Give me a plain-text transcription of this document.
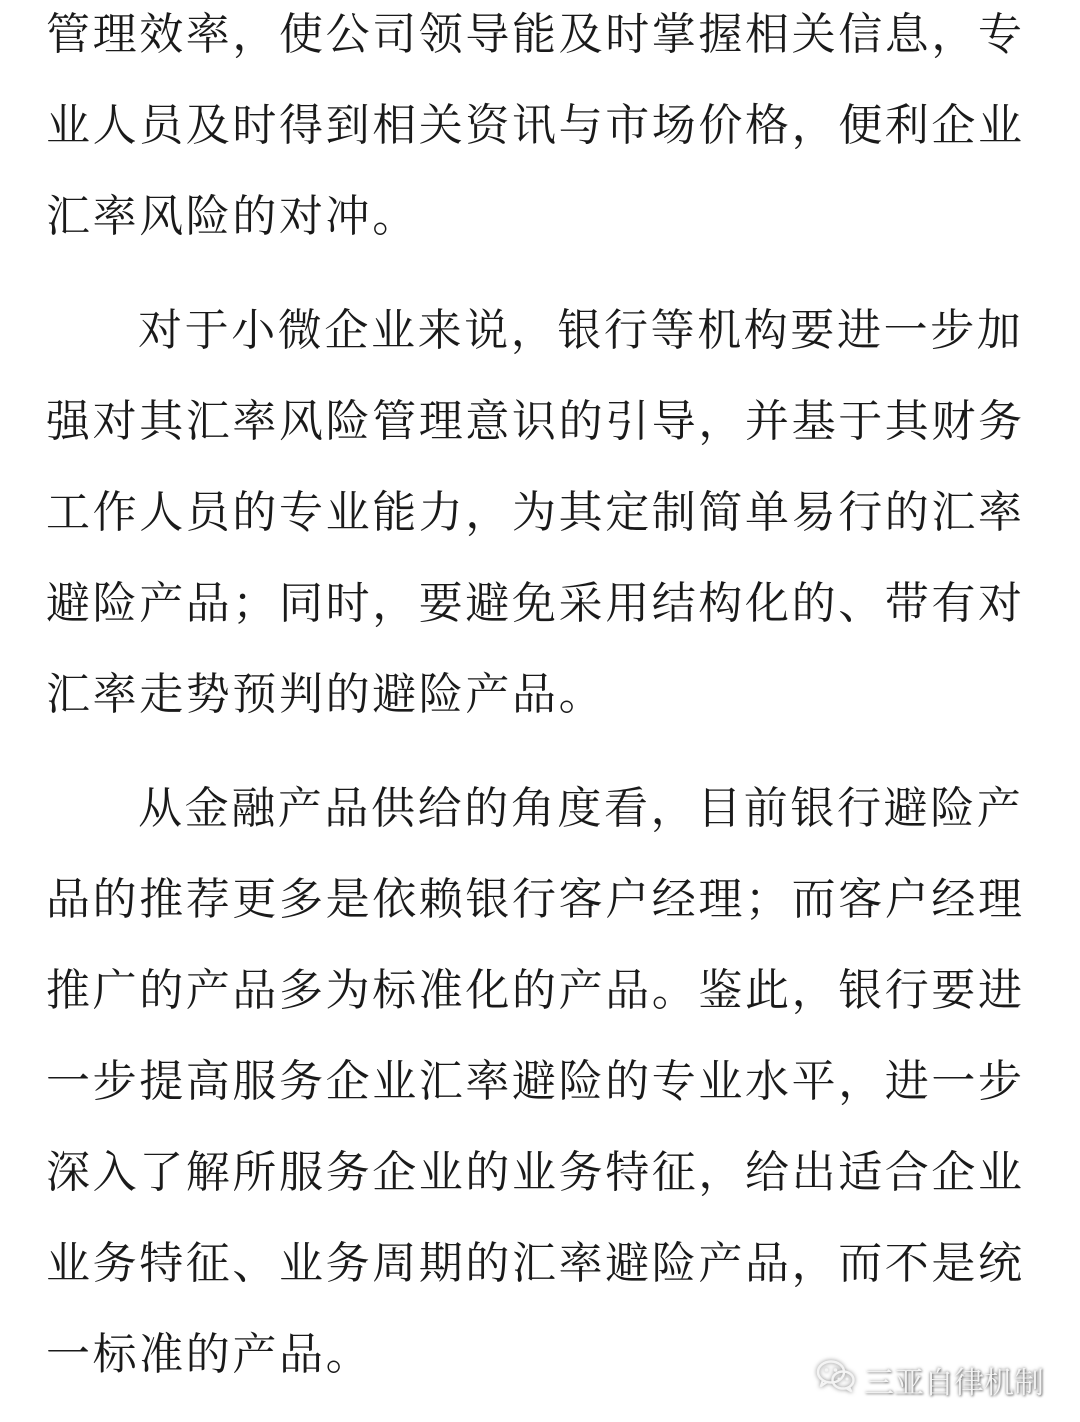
管理效率，使公司领导能及时掌握相关信息，专
业人员及时得到相关资讯与市场价格，便利企业
汇率风险的对冲。
对于小微企业来说，银行等机构要进一步加
强对其汇率风险管理意识的引导，并基于其财务
工作人员的专业能力，为其定制简单易行的汇率
避险产品；同时，要避免采用结构化的、带有对
汇率走势预判的避险产品。
从金融产品供给的角度看，目前银行避险产
品的推荐更多是依赖银行客户经理；而客户经理
推广的产品多为标准化的产品。鉴此，银行要进
一步提高服务企业汇率避险的专业水平，进一步
深入了解所服务企业的业务特征，给出适合企业
业务特征、业务周期的汇率避险产品，而不是统
一标准的产品。
三亚自律机制
